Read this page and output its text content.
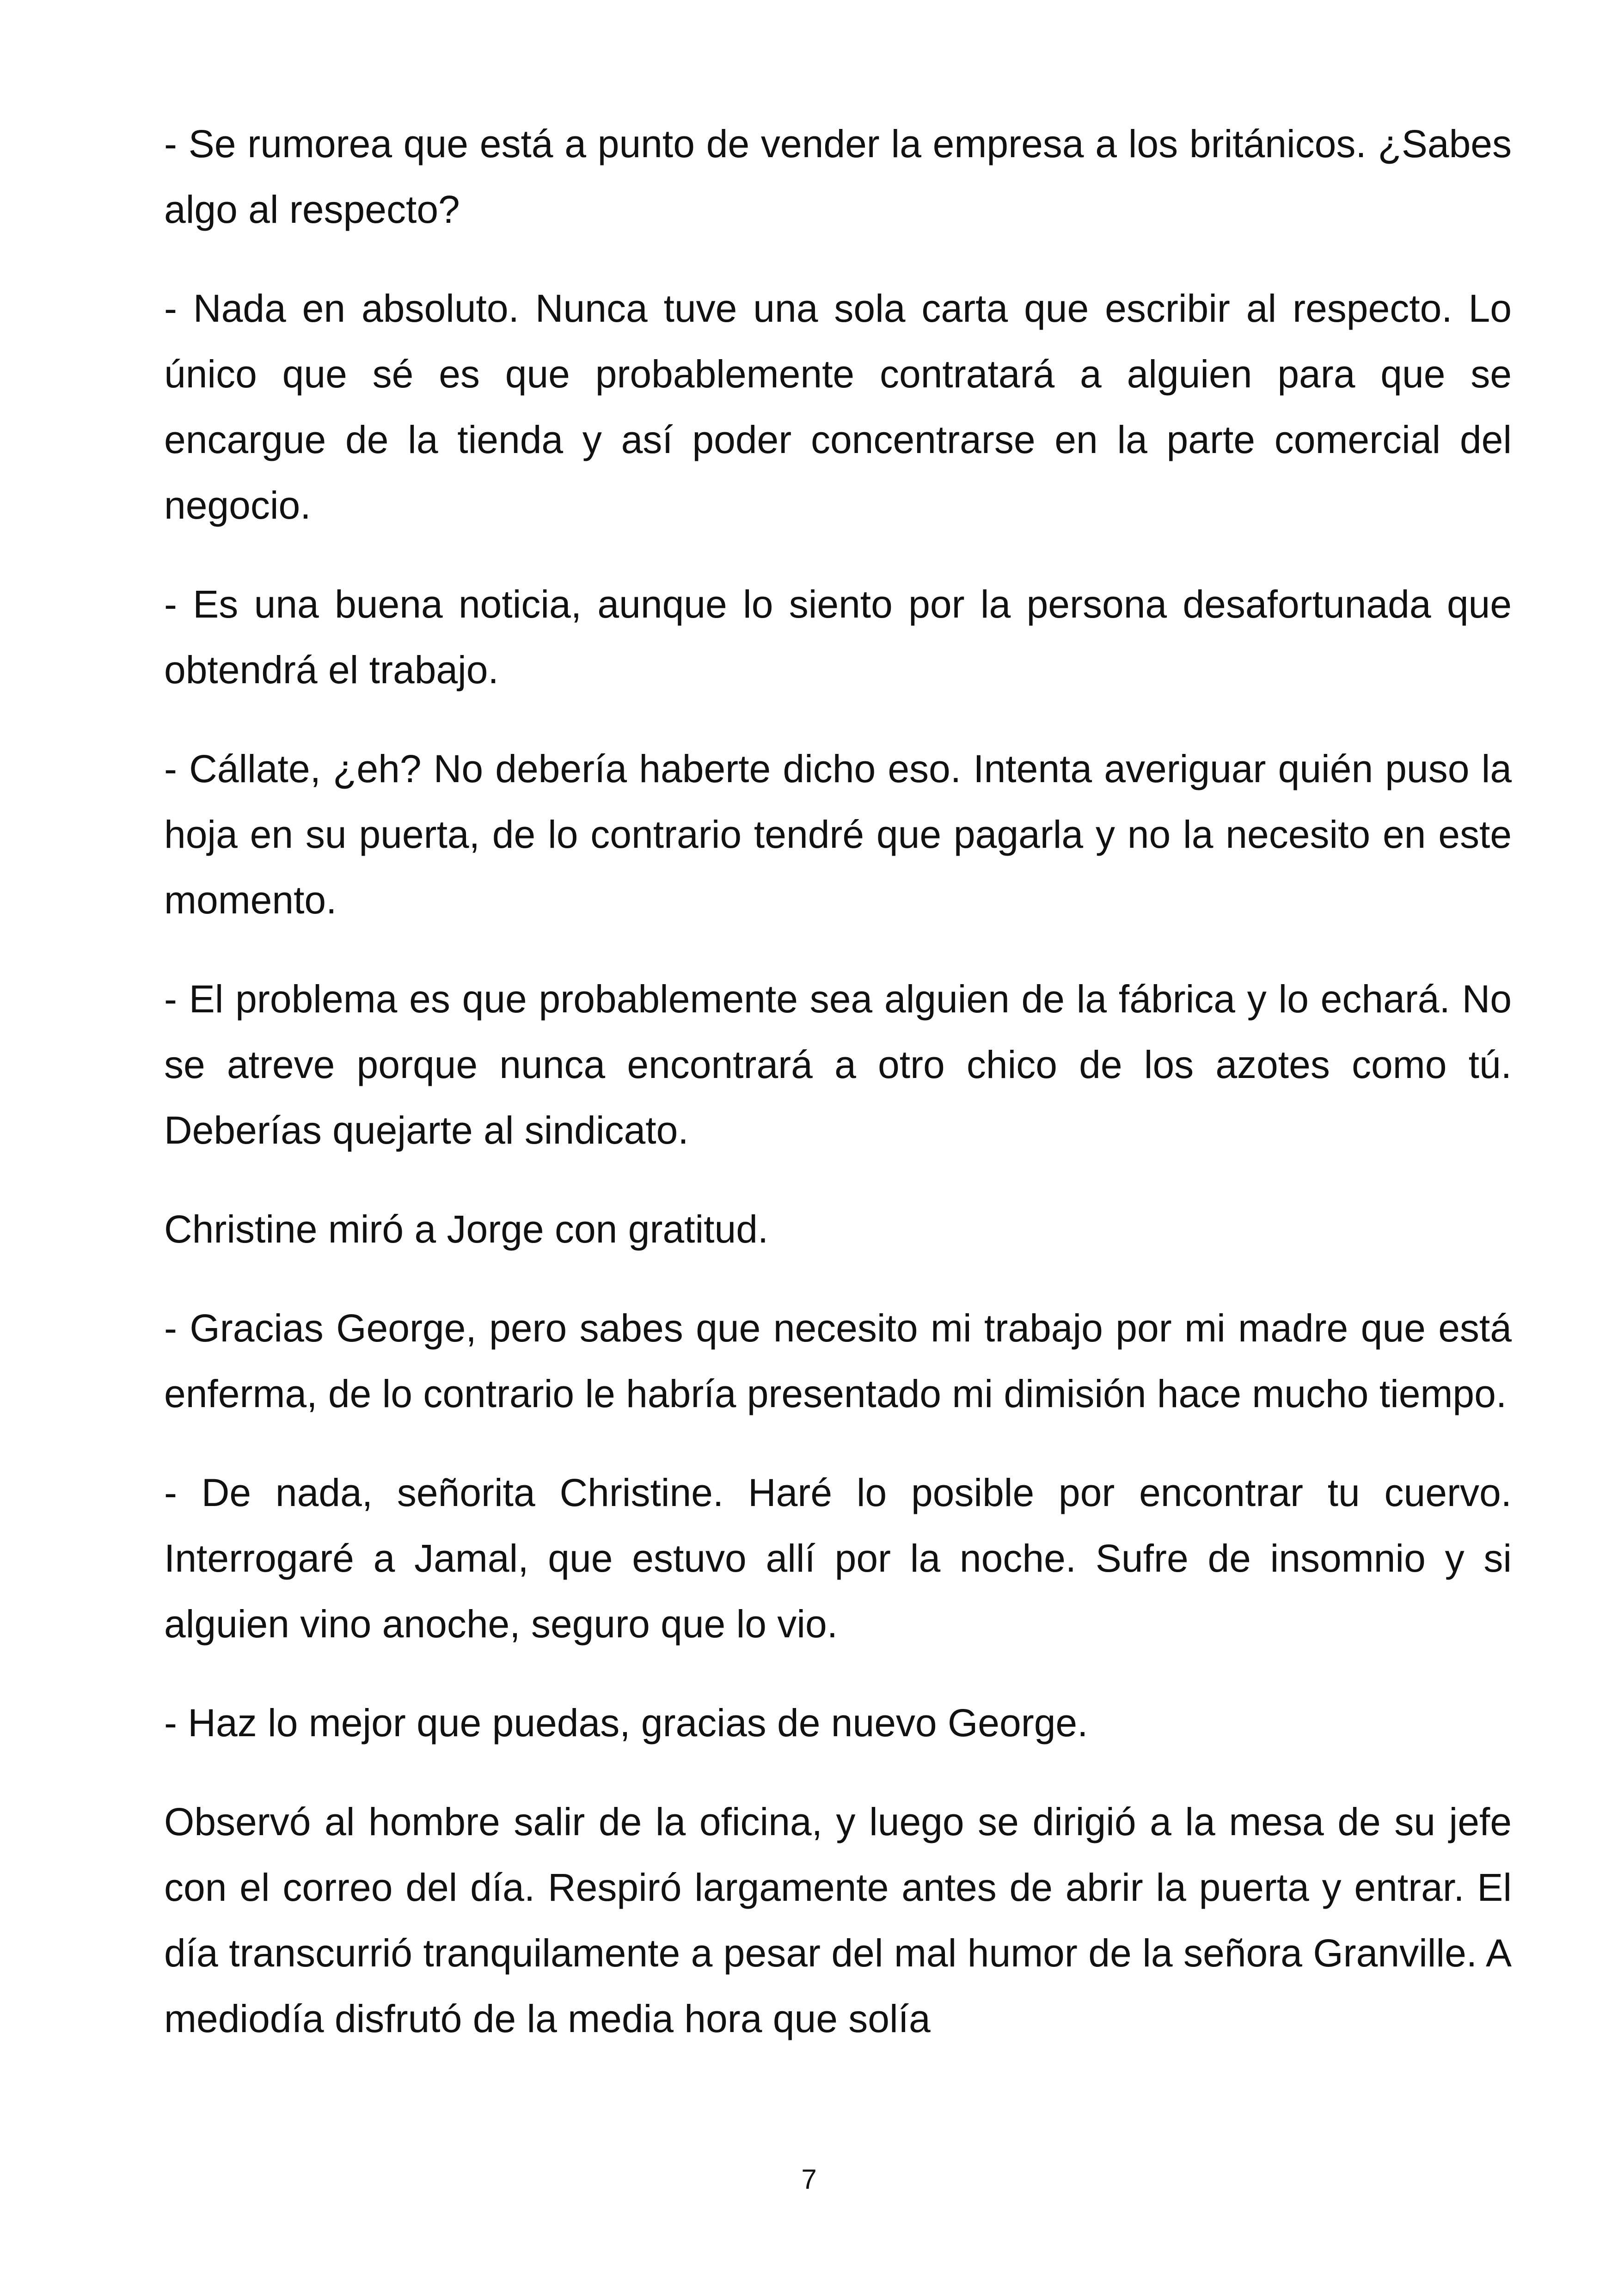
- Se rumorea que está a punto de vender la empresa a los británicos. ¿Sabes algo al respecto?

- Nada en absoluto. Nunca tuve una sola carta que escribir al respecto. Lo único que sé es que probablemente contratará a alguien para que se encargue de la tienda y así poder concentrarse en la parte comercial del negocio.

- Es una buena noticia, aunque lo siento por la persona desafortunada que obtendrá el trabajo.

- Cállate, ¿eh? No debería haberte dicho eso. Intenta averiguar quién puso la hoja en su puerta, de lo contrario tendré que pagarla y no la necesito en este momento.

- El problema es que probablemente sea alguien de la fábrica y lo echará. No se atreve porque nunca encontrará a otro chico de los azotes como tú. Deberías quejarte al sindicato.

Christine miró a Jorge con gratitud.

- Gracias George, pero sabes que necesito mi trabajo por mi madre que está enferma, de lo contrario le habría presentado mi dimisión hace mucho tiempo.

- De nada, señorita Christine. Haré lo posible por encontrar tu cuervo. Interrogaré a Jamal, que estuvo allí por la noche. Sufre de insomnio y si alguien vino anoche, seguro que lo vio.

- Haz lo mejor que puedas, gracias de nuevo George.

Observó al hombre salir de la oficina, y luego se dirigió a la mesa de su jefe con el correo del día. Respiró largamente antes de abrir la puerta y entrar. El día transcurrió tranquilamente a pesar del mal humor de la señora Granville. A mediodía disfrutó de la media hora que solía

7
